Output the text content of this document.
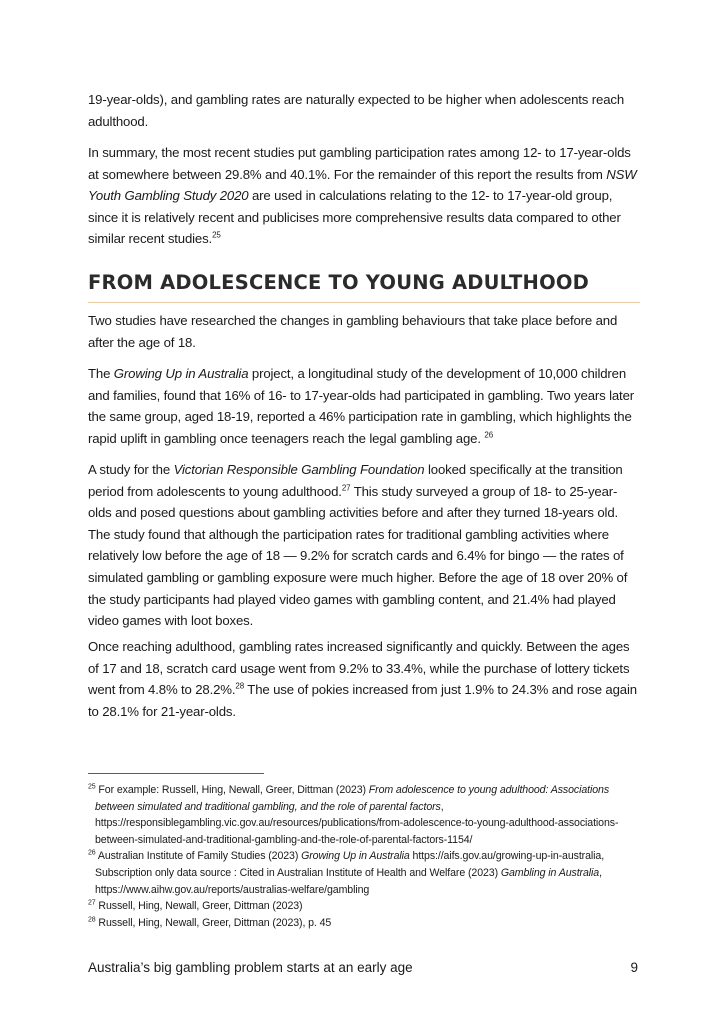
19-year-olds), and gambling rates are naturally expected to be higher when adolescents reach adulthood.

In summary, the most recent studies put gambling participation rates among 12- to 17-year-olds at somewhere between 29.8% and 40.1%. For the remainder of this report the results from NSW Youth Gambling Study 2020 are used in calculations relating to the 12- to 17-year-old group, since it is relatively recent and publicises more comprehensive results data compared to other similar recent studies.$^{25}$

FROM ADOLESCENCE TO YOUNG ADULTHOOD

Two studies have researched the changes in gambling behaviours that take place before and after the age of 18.

The Growing Up in Australia project, a longitudinal study of the development of 10,000 children and families, found that 16% of 16- to 17-year-olds had participated in gambling. Two years later the same group, aged 18-19, reported a 46% participation rate in gambling, which highlights the rapid uplift in gambling once teenagers reach the legal gambling age. $^{26}$

A study for the Victorian Responsible Gambling Foundation looked specifically at the transition period from adolescents to young adulthood.$^{27}$ This study surveyed a group of 18- to 25-year-olds and posed questions about gambling activities before and after they turned 18-years old. The study found that although the participation rates for traditional gambling activities where relatively low before the age of 18 — 9.2% for scratch cards and 6.4% for bingo — the rates of simulated gambling or gambling exposure were much higher. Before the age of 18 over 20% of the study participants had played video games with gambling content, and 21.4% had played video games with loot boxes.

Once reaching adulthood, gambling rates increased significantly and quickly. Between the ages of 17 and 18, scratch card usage went from 9.2% to 33.4%, while the purchase of lottery tickets went from 4.8% to 28.2%.$^{28}$ The use of pokies increased from just 1.9% to 24.3% and rose again to 28.1% for 21-year-olds.

$^{25}$ For example: Russell, Hing, Newall, Greer, Dittman (2023) From adolescence to young adulthood: Associations between simulated and traditional gambling, and the role of parental factors, https://responsiblegambling.vic.gov.au/resources/publications/from-adolescence-to-young-adulthood-associations-between-simulated-and-traditional-gambling-and-the-role-of-parental-factors-1154/

$^{26}$ Australian Institute of Family Studies (2023) Growing Up in Australia https://aifs.gov.au/growing-up-in-australia, Subscription only data source : Cited in Australian Institute of Health and Welfare (2023) Gambling in Australia, https://www.aihw.gov.au/reports/australias-welfare/gambling

$^{27}$ Russell, Hing, Newall, Greer, Dittman (2023)

$^{28}$ Russell, Hing, Newall, Greer, Dittman (2023), p. 45

Australia’s big gambling problem starts at an early age	9
